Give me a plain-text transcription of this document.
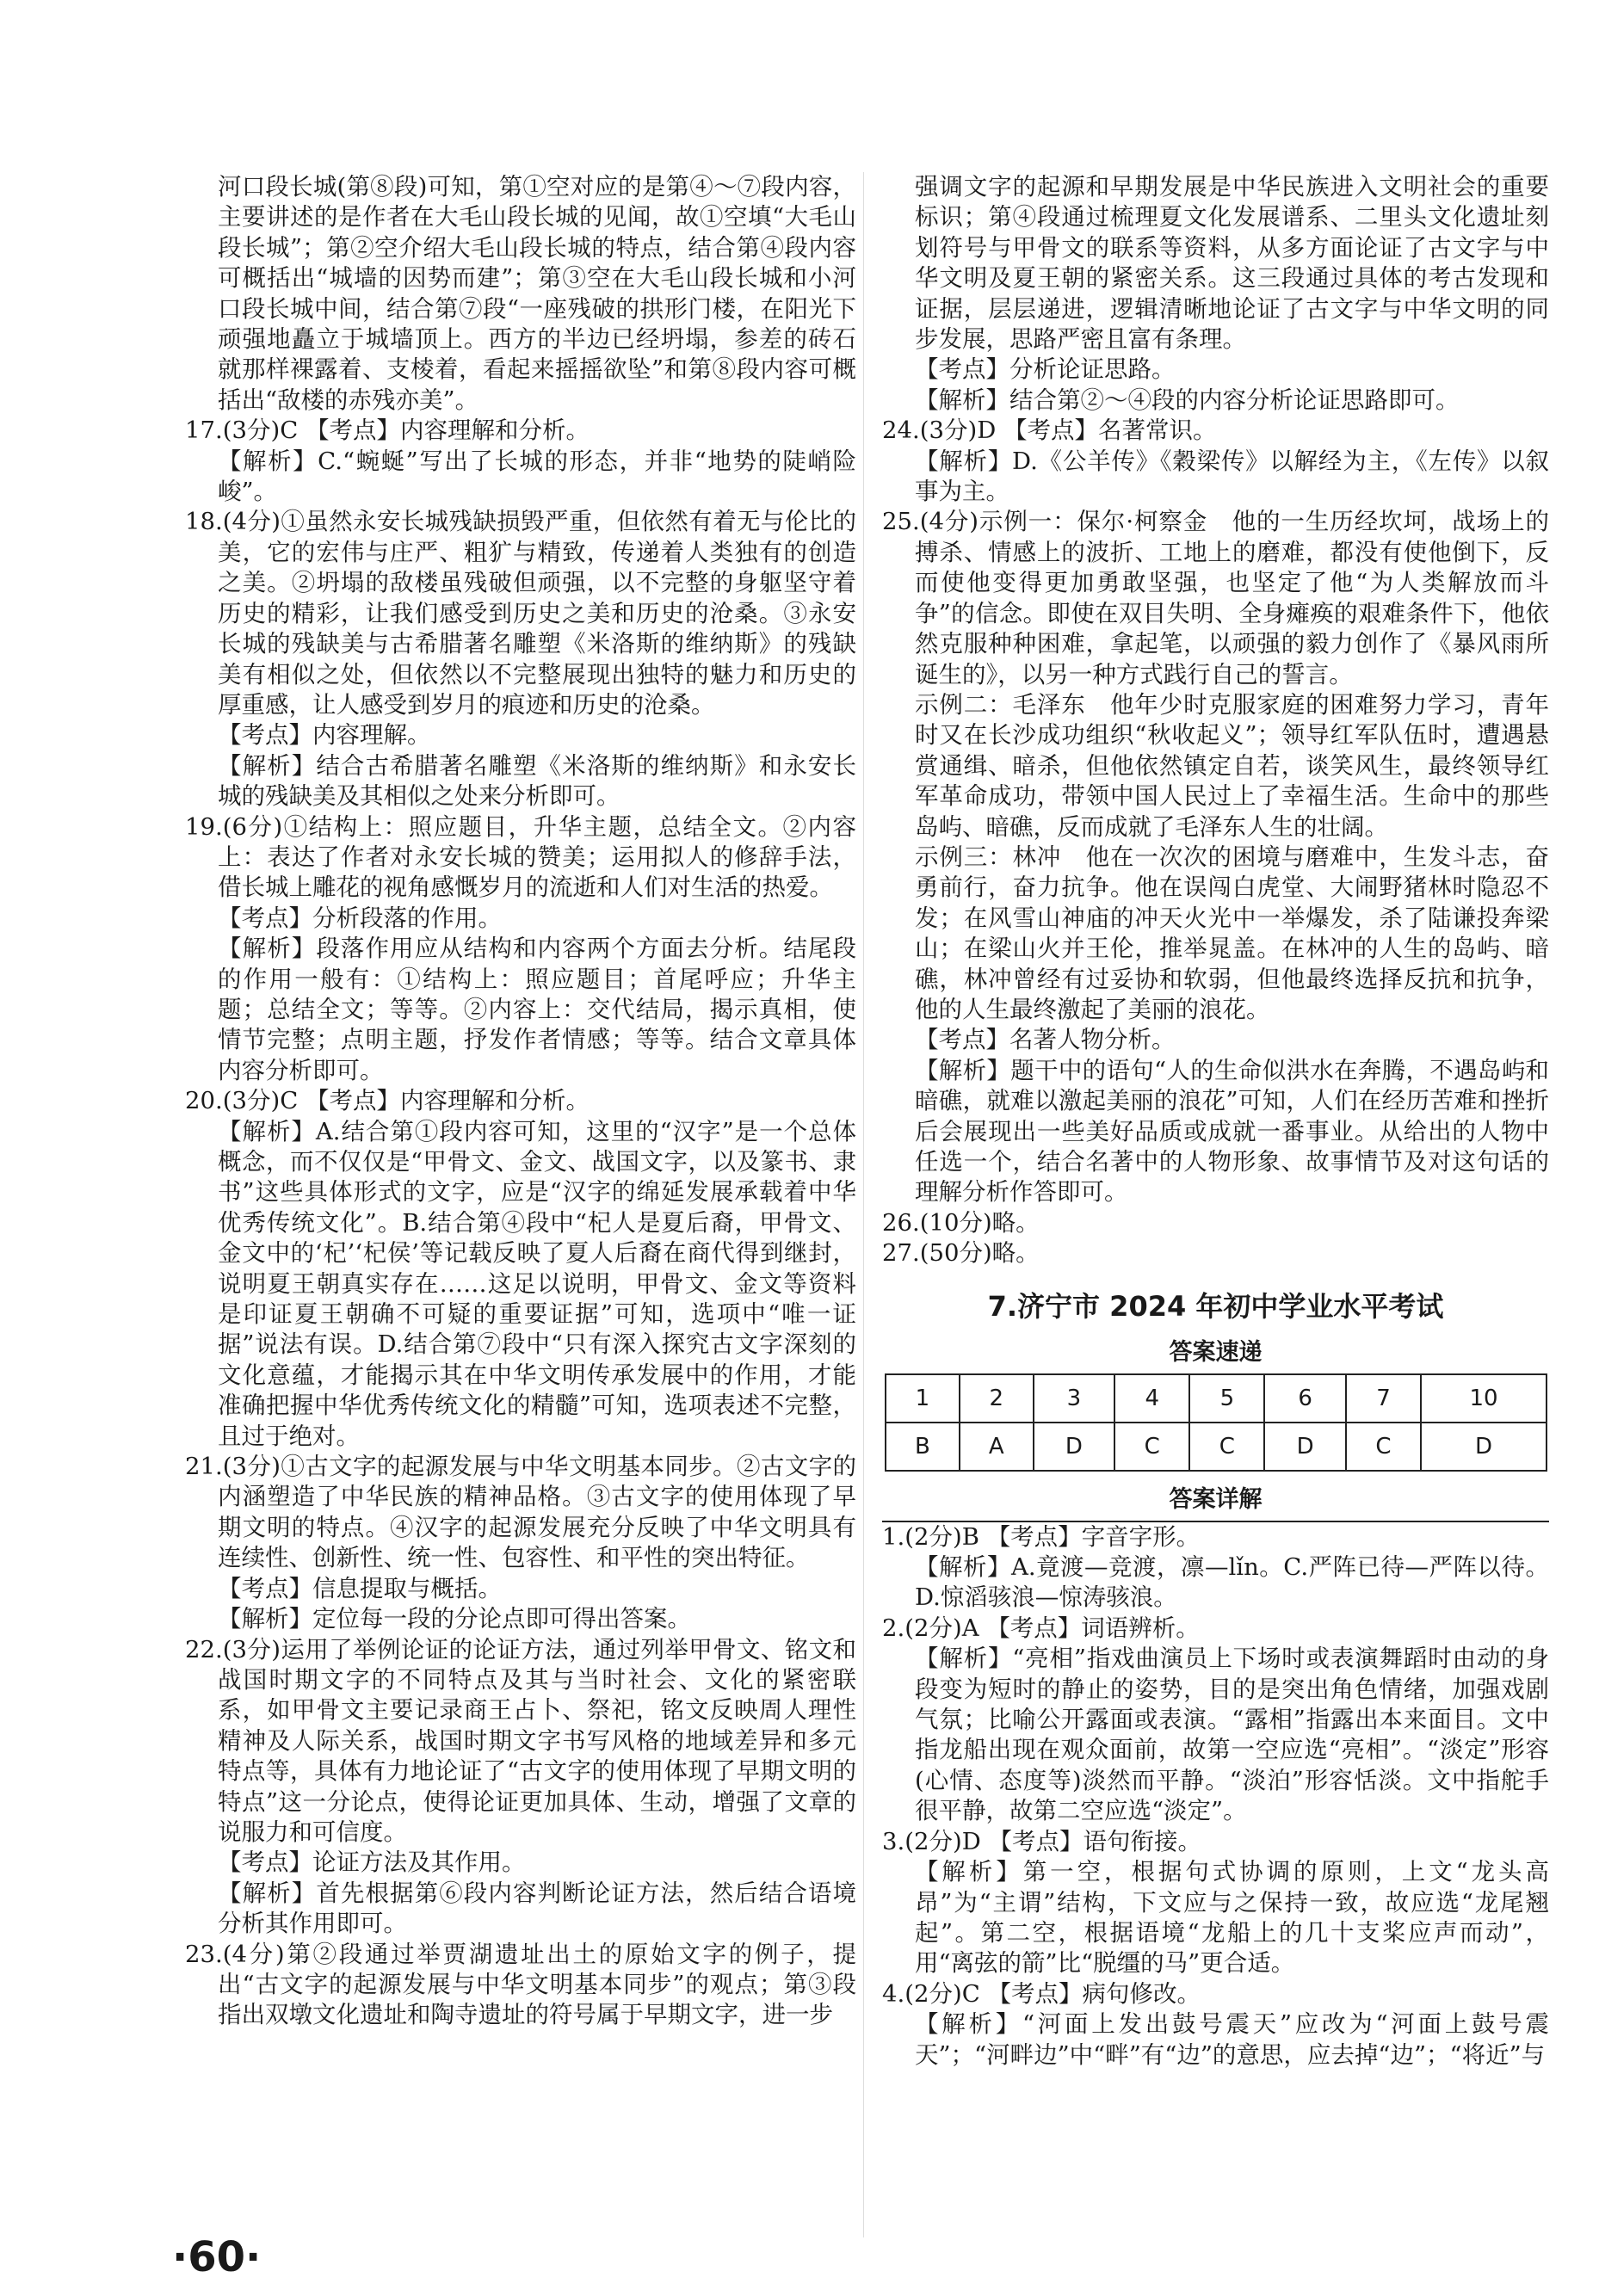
河口段长城(第⑧段)可知，第①空对应的是第④～⑦段内容，主要讲述的是作者在大毛山段长城的见闻，故①空填“大毛山段长城”；第②空介绍大毛山段长城的特点，结合第④段内容可概括出“城墙的因势而建”；第③空在大毛山段长城和小河口段长城中间，结合第⑦段“一座残破的拱形门楼，在阳光下顽强地矗立于城墙顶上。西方的半边已经坍塌，参差的砖石就那样裸露着、支棱着，看起来摇摇欲坠”和第⑧段内容可概括出“敌楼的赤残亦美”。

17.(3分)C 【考点】内容理解和分析。

【解析】C.“蜿蜒”写出了长城的形态，并非“地势的陡峭险峻”。

18.(4分)①虽然永安长城残缺损毁严重，但依然有着无与伦比的美，它的宏伟与庄严、粗犷与精致，传递着人类独有的创造之美。②坍塌的敌楼虽残破但顽强，以不完整的身躯坚守着历史的精彩，让我们感受到历史之美和历史的沧桑。③永安长城的残缺美与古希腊著名雕塑《米洛斯的维纳斯》的残缺美有相似之处，但依然以不完整展现出独特的魅力和历史的厚重感，让人感受到岁月的痕迹和历史的沧桑。

【考点】内容理解。

【解析】结合古希腊著名雕塑《米洛斯的维纳斯》和永安长城的残缺美及其相似之处来分析即可。

19.(6分)①结构上：照应题目，升华主题，总结全文。②内容上：表达了作者对永安长城的赞美；运用拟人的修辞手法，借长城上雕花的视角感慨岁月的流逝和人们对生活的热爱。

【考点】分析段落的作用。

【解析】段落作用应从结构和内容两个方面去分析。结尾段的作用一般有：①结构上：照应题目；首尾呼应；升华主题；总结全文；等等。②内容上：交代结局，揭示真相，使情节完整；点明主题，抒发作者情感；等等。结合文章具体内容分析即可。

20.(3分)C 【考点】内容理解和分析。

【解析】A.结合第①段内容可知，这里的“汉字”是一个总体概念，而不仅仅是“甲骨文、金文、战国文字，以及篆书、隶书”这些具体形式的文字，应是“汉字的绵延发展承载着中华优秀传统文化”。B.结合第④段中“杞人是夏后裔，甲骨文、金文中的‘杞’‘杞侯’等记载反映了夏人后裔在商代得到继封，说明夏王朝真实存在……这足以说明，甲骨文、金文等资料是印证夏王朝确不可疑的重要证据”可知，选项中“唯一证据”说法有误。D.结合第⑦段中“只有深入探究古文字深刻的文化意蕴，才能揭示其在中华文明传承发展中的作用，才能准确把握中华优秀传统文化的精髓”可知，选项表述不完整，且过于绝对。

21.(3分)①古文字的起源发展与中华文明基本同步。②古文字的内涵塑造了中华民族的精神品格。③古文字的使用体现了早期文明的特点。④汉字的起源发展充分反映了中华文明具有连续性、创新性、统一性、包容性、和平性的突出特征。

【考点】信息提取与概括。

【解析】定位每一段的分论点即可得出答案。

22.(3分)运用了举例论证的论证方法，通过列举甲骨文、铭文和战国时期文字的不同特点及其与当时社会、文化的紧密联系，如甲骨文主要记录商王占卜、祭祀，铭文反映周人理性精神及人际关系，战国时期文字书写风格的地域差异和多元特点等，具体有力地论证了“古文字的使用体现了早期文明的特点”这一分论点，使得论证更加具体、生动，增强了文章的说服力和可信度。

【考点】论证方法及其作用。

【解析】首先根据第⑥段内容判断论证方法，然后结合语境分析其作用即可。

23.(4分)第②段通过举贾湖遗址出土的原始文字的例子，提出“古文字的起源发展与中华文明基本同步”的观点；第③段指出双墩文化遗址和陶寺遗址的符号属于早期文字，进一步

强调文字的起源和早期发展是中华民族进入文明社会的重要标识；第④段通过梳理夏文化发展谱系、二里头文化遗址刻划符号与甲骨文的联系等资料，从多方面论证了古文字与中华文明及夏王朝的紧密关系。这三段通过具体的考古发现和证据，层层递进，逻辑清晰地论证了古文字与中华文明的同步发展，思路严密且富有条理。

【考点】分析论证思路。

【解析】结合第②～④段的内容分析论证思路即可。

24.(3分)D 【考点】名著常识。

【解析】D.《公羊传》《穀梁传》以解经为主，《左传》以叙事为主。

25.(4分)示例一：保尔·柯察金　他的一生历经坎坷，战场上的搏杀、情感上的波折、工地上的磨难，都没有使他倒下，反而使他变得更加勇敢坚强，也坚定了他“为人类解放而斗争”的信念。即使在双目失明、全身瘫痪的艰难条件下，他依然克服种种困难，拿起笔，以顽强的毅力创作了《暴风雨所诞生的》，以另一种方式践行自己的誓言。

示例二：毛泽东　他年少时克服家庭的困难努力学习，青年时又在长沙成功组织“秋收起义”；领导红军队伍时，遭遇悬赏通缉、暗杀，但他依然镇定自若，谈笑风生，最终领导红军革命成功，带领中国人民过上了幸福生活。生命中的那些岛屿、暗礁，反而成就了毛泽东人生的壮阔。

示例三：林冲　他在一次次的困境与磨难中，生发斗志，奋勇前行，奋力抗争。他在误闯白虎堂、大闹野猪林时隐忍不发；在风雪山神庙的冲天火光中一举爆发，杀了陆谦投奔梁山；在梁山火并王伦，推举晁盖。在林冲的人生的岛屿、暗礁，林冲曾经有过妥协和软弱，但他最终选择反抗和抗争，他的人生最终激起了美丽的浪花。

【考点】名著人物分析。

【解析】题干中的语句“人的生命似洪水在奔腾，不遇岛屿和暗礁，就难以激起美丽的浪花”可知，人们在经历苦难和挫折后会展现出一些美好品质或成就一番事业。从给出的人物中任选一个，结合名著中的人物形象、故事情节及对这句话的理解分析作答即可。

26.(10分)略。

27.(50分)略。

7.济宁市 2024 年初中学业水平考试
答案速递
1	2	3	4	5	6	7	10
B	A	D	C	C	D	C	D
答案详解

1.(2分)B 【考点】字音字形。

【解析】A.竟渡—竞渡，凛—lǐn。C.严阵已待—严阵以待。D.惊滔骇浪—惊涛骇浪。

2.(2分)A 【考点】词语辨析。

【解析】“亮相”指戏曲演员上下场时或表演舞蹈时由动的身段变为短时的静止的姿势，目的是突出角色情绪，加强戏剧气氛；比喻公开露面或表演。“露相”指露出本来面目。文中指龙船出现在观众面前，故第一空应选“亮相”。“淡定”形容(心情、态度等)淡然而平静。“淡泊”形容恬淡。文中指舵手很平静，故第二空应选“淡定”。

3.(2分)D 【考点】语句衔接。

【解析】第一空，根据句式协调的原则，上文“龙头高昂”为“主谓”结构，下文应与之保持一致，故应选“龙尾翘起”。第二空，根据语境“龙船上的几十支桨应声而动”，用“离弦的箭”比“脱缰的马”更合适。

4.(2分)C 【考点】病句修改。

【解析】“河面上发出鼓号震天”应改为“河面上鼓号震天”；“河畔边”中“畔”有“边”的意思，应去掉“边”；“将近”与

·60·
